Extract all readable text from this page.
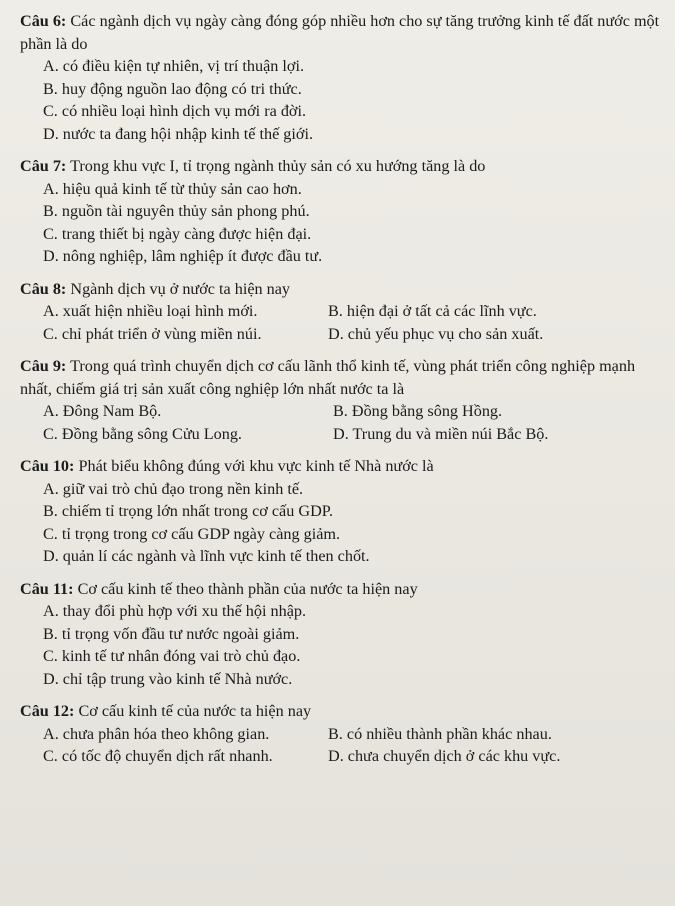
Câu 6: Các ngành dịch vụ ngày càng đóng góp nhiều hơn cho sự tăng trưởng kinh tế đất nước một phần là do

A. có điều kiện tự nhiên, vị trí thuận lợi.
B. huy động nguồn lao động có tri thức.
C. có nhiều loại hình dịch vụ mới ra đời.
D. nước ta đang hội nhập kinh tế thế giới.

Câu 7: Trong khu vực I, tỉ trọng ngành thủy sản có xu hướng tăng là do

A. hiệu quả kinh tế từ thủy sản cao hơn.
B. nguồn tài nguyên thủy sản phong phú.
C. trang thiết bị ngày càng được hiện đại.
D. nông nghiệp, lâm nghiệp ít được đầu tư.

Câu 8: Ngành dịch vụ ở nước ta hiện nay

A. xuất hiện nhiều loại hình mới.	B. hiện đại ở tất cả các lĩnh vực.
C. chỉ phát triển ở vùng miền núi.	D. chủ yếu phục vụ cho sản xuất.

Câu 9: Trong quá trình chuyển dịch cơ cấu lãnh thổ kinh tế, vùng phát triển công nghiệp mạnh nhất, chiếm giá trị sản xuất công nghiệp lớn nhất nước ta là

A. Đông Nam Bộ.	B. Đồng bằng sông Hồng.
C. Đồng bằng sông Cửu Long.	D. Trung du và miền núi Bắc Bộ.

Câu 10: Phát biểu không đúng với khu vực kinh tế Nhà nước là

A. giữ vai trò chủ đạo trong nền kinh tế.
B. chiếm tỉ trọng lớn nhất trong cơ cấu GDP.
C. tỉ trọng trong cơ cấu GDP ngày càng giảm.
D. quản lí các ngành và lĩnh vực kinh tế then chốt.

Câu 11: Cơ cấu kinh tế theo thành phần của nước ta hiện nay

A. thay đổi phù hợp với xu thế hội nhập.
B. tỉ trọng vốn đầu tư nước ngoài giảm.
C. kinh tế tư nhân đóng vai trò chủ đạo.
D. chỉ tập trung vào kinh tế Nhà nước.

Câu 12: Cơ cấu kinh tế của nước ta hiện nay

A. chưa phân hóa theo không gian.	B. có nhiều thành phần khác nhau.
C. có tốc độ chuyển dịch rất nhanh.	D. chưa chuyển dịch ở các khu vực.
